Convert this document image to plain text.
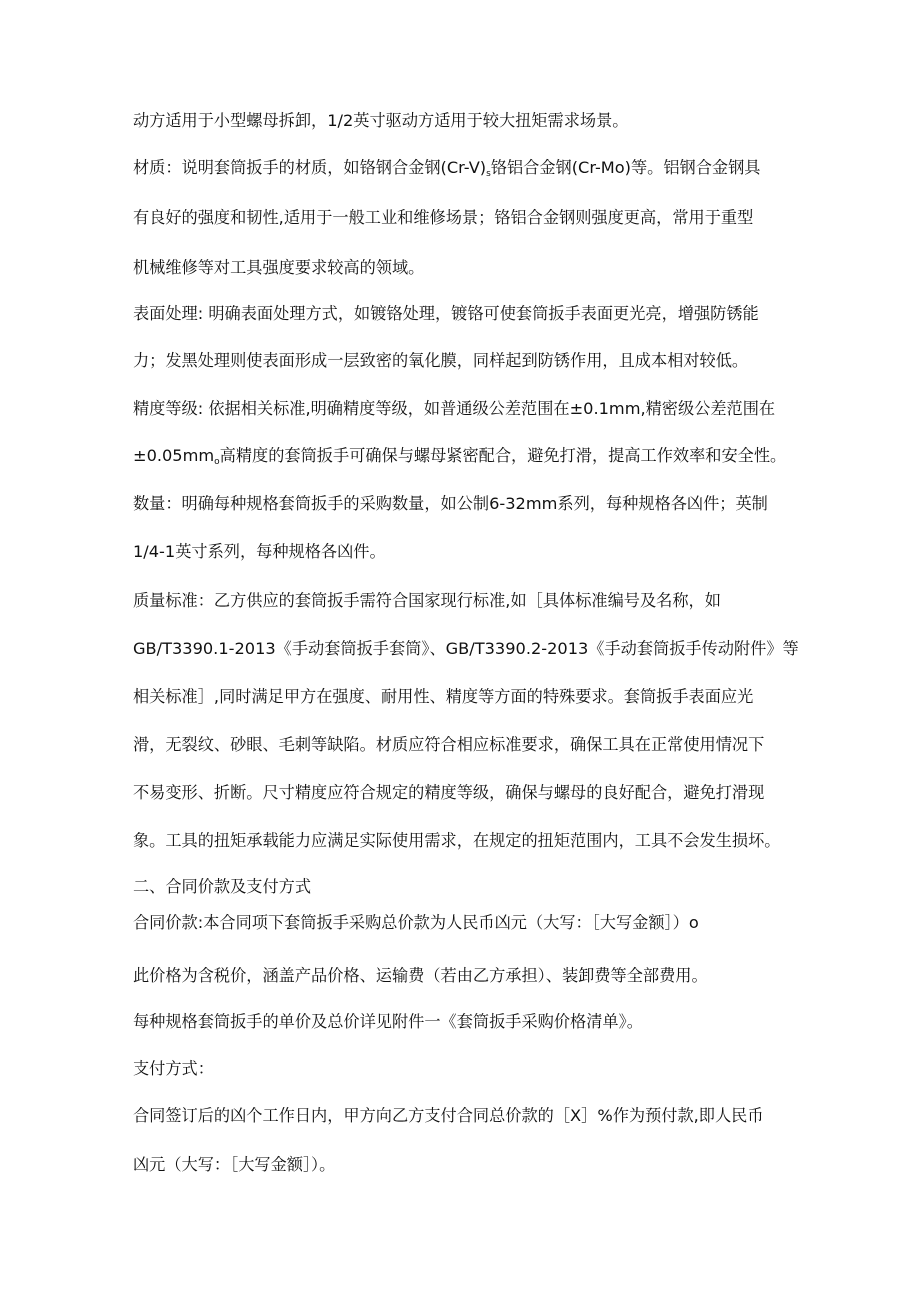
动方适用于小型螺母拆卸，1/2英寸驱动方适用于较大扭矩需求场景。
材质：说明套筒扳手的材质，如铬钢合金钢$(Cr-V)_s$铬铝合金钢(Cr-Mo)等。铝钢合金钢具
有良好的强度和韧性,适用于一般工业和维修场景；铬铝合金钢则强度更高，常用于重型
机械维修等对工具强度要求较高的领域。
表面处理: 明确表面处理方式，如镀铬处理，镀铬可使套筒扳手表面更光亮，增强防锈能
力；发黑处理则使表面形成一层致密的氧化膜，同样起到防锈作用，且成本相对较低。
精度等级: 依据相关标准,明确精度等级，如普通级公差范围在±0.1mm,精密级公差范围在
$\pm 0.05mm_o$高精度的套筒扳手可确保与螺母紧密配合，避免打滑，提高工作效率和安全性。
数量：明确每种规格套筒扳手的采购数量，如公制6-32mm系列，每种规格各凶件；英制
1/4-1英寸系列，每种规格各凶件。
质量标准：乙方供应的套筒扳手需符合国家现行标准,如［具体标准编号及名称，如
GB/T3390.1-2013《手动套筒扳手套筒》、GB/T3390.2-2013《手动套筒扳手传动附件》等
相关标准］,同时满足甲方在强度、耐用性、精度等方面的特殊要求。套筒扳手表面应光
滑，无裂纹、砂眼、毛刺等缺陷。材质应符合相应标准要求，确保工具在正常使用情况下
不易变形、折断。尺寸精度应符合规定的精度等级，确保与螺母的良好配合，避免打滑现
象。工具的扭矩承载能力应满足实际使用需求，在规定的扭矩范围内，工具不会发生损坏。
二、合同价款及支付方式
合同价款:本合同项下套筒扳手采购总价款为人民币凶元（大写：［大写金额］）o
此价格为含税价，涵盖产品价格、运输费（若由乙方承担）、装卸费等全部费用。
每种规格套筒扳手的单价及总价详见附件一《套筒扳手采购价格清单》。
支付方式：
合同签订后的凶个工作日内，甲方向乙方支付合同总价款的［X］%作为预付款,即人民币
凶元（大写：［大写金额］）。
